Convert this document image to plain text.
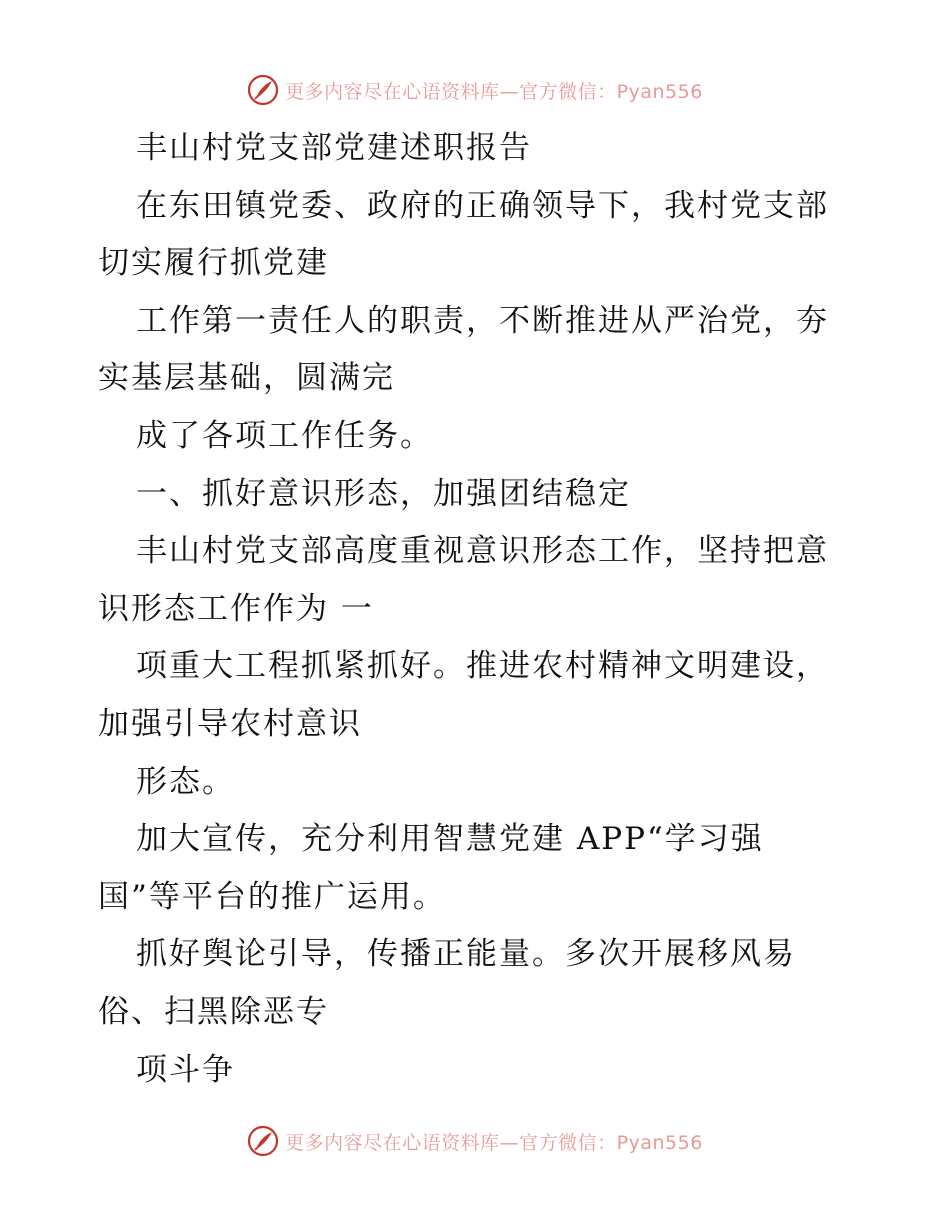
更多内容尽在心语资料库—官方微信：Pyan556
丰山村党支部党建述职报告
在东田镇党委、政府的正确领导下，我村党支部
切实履行抓党建
工作第一责任人的职责，不断推进从严治党，夯
实基层基础，圆满完
成了各项工作任务。
一、抓好意识形态，加强团结稳定
丰山村党支部高度重视意识形态工作，坚持把意
识形态工作作为 一
项重大工程抓紧抓好。推进农村精神文明建设，
加强引导农村意识
形态。
加大宣传，充分利用智慧党建 APP“学习强
国”等平台的推广运用。
抓好舆论引导，传播正能量。多次开展移风易
俗、扫黑除恶专
项斗争
更多内容尽在心语资料库—官方微信：Pyan556
